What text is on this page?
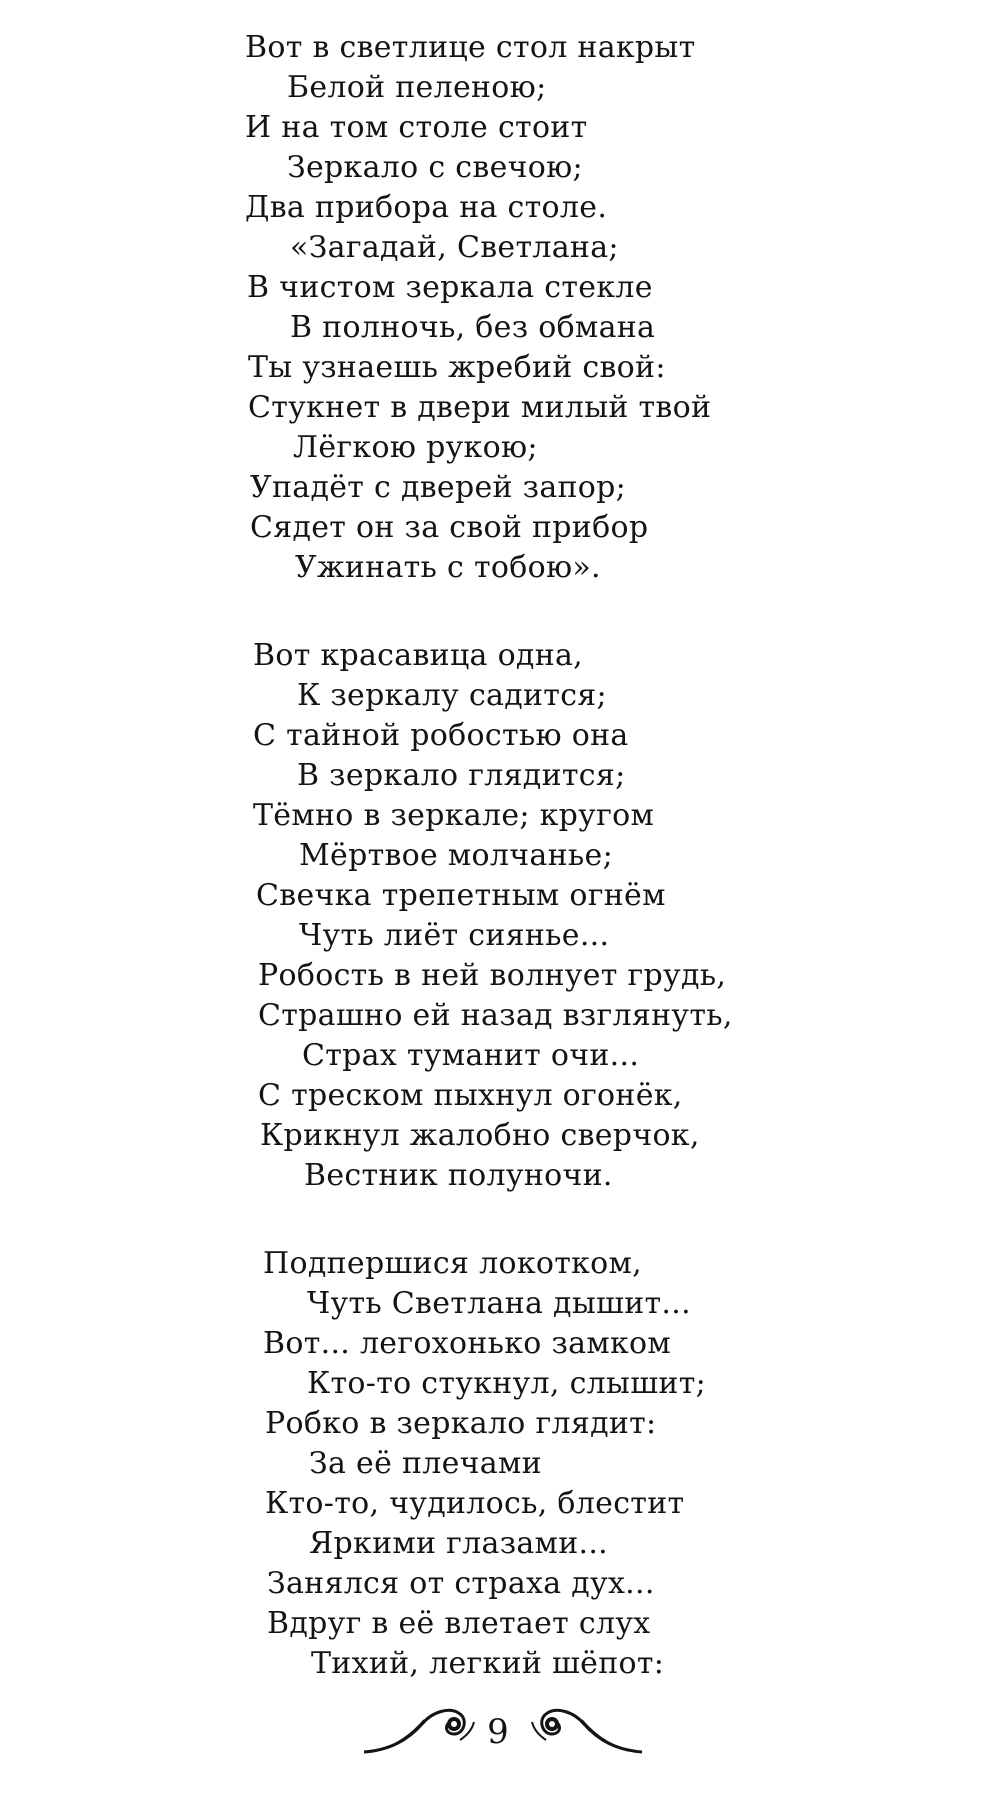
Вот в светлице стол накрыт
Белой пеленою;
И на том столе стоит
Зеркало с свечою;
Два прибора на столе.
«Загадай, Светлана;
В чистом зеркала стекле
В полночь, без обмана
Ты узнаешь жребий свой:
Стукнет в двери милый твой
Лёгкою рукою;
Упадёт с дверей запор;
Сядет он за свой прибор
Ужинать с тобою».
Вот красавица одна,
К зеркалу садится;
С тайной робостью она
В зеркало глядится;
Тёмно в зеркале; кругом
Мёртвое молчанье;
Свечка трепетным огнём
Чуть лиёт сиянье...
Робость в ней волнует грудь,
Страшно ей назад взглянуть,
Страх туманит очи...
С треском пыхнул огонёк,
Крикнул жалобно сверчок,
Вестник полуночи.
Подпершися локотком,
Чуть Светлана дышит...
Вот... легохонько замком
Кто-то стукнул, слышит;
Робко в зеркало глядит:
За её плечами
Кто-то, чудилось, блестит
Яркими глазами...
Занялся от страха дух...
Вдруг в её влетает слух
Тихий, легкий шёпот:
9
